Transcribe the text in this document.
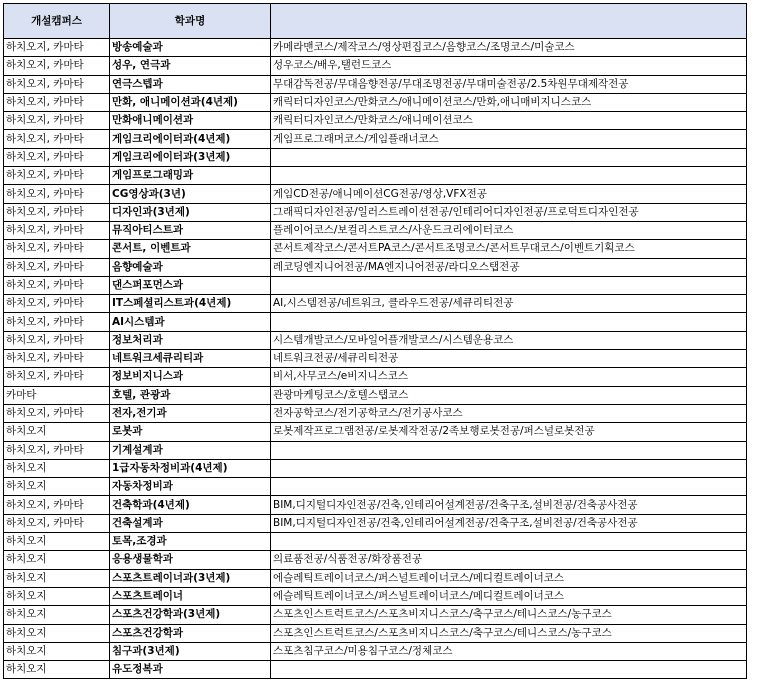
개설캠퍼스	학과명	
하치오지, 카마타	방송예술과	카메라맨코스/제작코스/영상편집코스/음향코스/조명코스/미술코스
하치오지, 카마타	성우, 연극과	성우코스/배우,탤런드코스
하치오지, 카마타	연극스텝과	무대감독전공/무대음향전공/무대조명전공/무대미술전공/2.5차원무대제작전공
하치오지, 카마타	만화, 애니메이션과(4년제)	캐릭터디자인코스/만화코스/애니메이션코스/만화,애니매비지니스코스
하치오지, 카마타	만화애니메이션과	캐릭터디자인코스/만화코스/애니메이션코스
하치오지, 카마타	게임크리에이터과(4년제)	게임프로그래머코스/게임플래너코스
하치오지, 카마타	게임크리에이터과(3년제)	
하치오지, 카마타	게임프로그래밍과	
하치오지, 카마타	CG영상과(3년)	게임CD전공/애니메이션CG전공/영상,VFX전공
하치오지, 카마타	디자인과(3년제)	그래픽디자인전공/일러스트레이션전공/인테리어디자인전공/프로덕트디자인전공
하치오지, 카마타	뮤직아티스트과	플레이어코스/보컬리스트코스/사운드크리에이터코스
하치오지, 카마타	콘서트, 이벤트과	콘서트제작코스/콘서트PA코스/콘서트조명코스/콘서트무대코스/이벤트기획코스
하치오지, 카마타	음향예술과	레코딩엔지니어전공/MA엔지니어전공/라디오스탭전공
하치오지, 카마타	댄스퍼포먼스과	
하치오지, 카마타	IT스페셜리스트과(4년제)	AI,시스템전공/네트워크, 클라우드전공/세큐리티전공
하치오지, 카마타	AI시스템과	
하치오지, 카마타	정보처리과	시스템개발코스/모바일어플개발코스/시스템운용코스
하치오지, 카마타	네트워크세큐리티과	네트워크전공/세큐리티전공
하치오지, 카마타	정보비지니스과	비서,사무코스/e비지니스코스
카마타	호텔, 관광과	관광마케팅코스/호텔스탭코스
하치오지, 카마타	전자,전기과	전자공학코스/전기공학코스/전기공사코스
하치오지	로봇과	로봇제작프로그램전공/로봇제작전공/2족보행로봇전공/퍼스널로봇전공
하치오지, 카마타	기계설계과	
하치오지	1급자동차정비과(4년제)	
하치오지	자동차정비과	
하치오지, 카마타	건축학과(4년제)	BIM,디지털디자인전공/건축,인테리어설계전공/건축구조,설비전공/건축공사전공
하치오지, 카마타	건축설계과	BIM,디지털디자인전공/건축,인테리어설계전공/건축구조,설비전공/건축공사전공
하치오지	토목,조경과	
하치오지	응용생물학과	의료품전공/식품전공/화장품전공
하치오지	스포츠트레이너과(3년제)	에슬레틱트레이너코스/퍼스널트레이너코스/메디컬트레이너코스
하치오지	스포츠트레이너	에슬레틱트레이너코스/퍼스널트레이너코스/메디컬트레이너코스
하치오지	스포츠건강학과(3년제)	스포츠인스트럭트코스/스포츠비지니스코스/축구코스/테니스코스/농구코스
하치오지	스포츠건강학과	스포츠인스트럭트코스/스포츠비지니스코스/축구코스/테니스코스/농구코스
하치오지	침구과(3년제)	스포츠침구코스/미용침구코스/정체코스
하치오지	유도정복과	
